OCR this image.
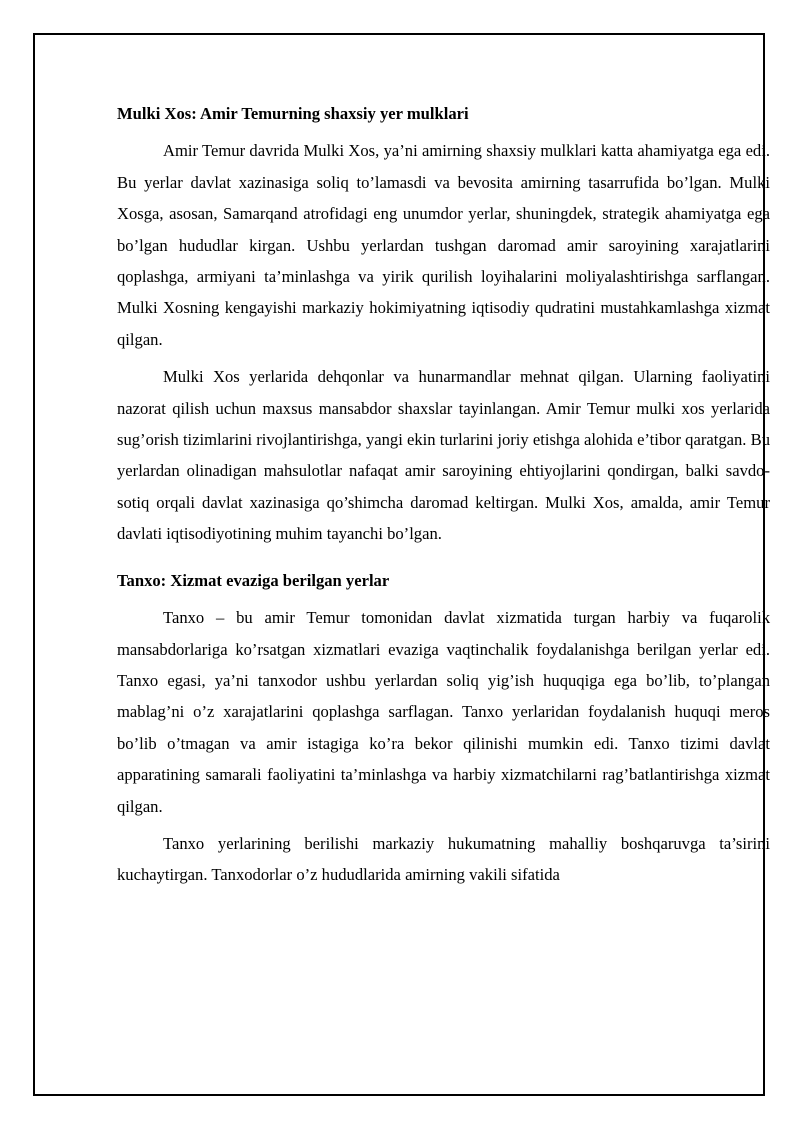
Mulki Xos: Amir Temurning shaxsiy yer mulklari

Amir Temur davrida Mulki Xos, ya’ni amirning shaxsiy mulklari katta ahamiyatga ega edi. Bu yerlar davlat xazinasiga soliq to’lamasdi va bevosita amirning tasarrufida bo’lgan. Mulki Xosga, asosan, Samarqand atrofidagi eng unumdor yerlar, shuningdek, strategik ahamiyatga ega bo’lgan hududlar kirgan. Ushbu yerlardan tushgan daromad amir saroyining xarajatlarini qoplashga, armiyani ta’minlashga va yirik qurilish loyihalarini moliyalashtirishga sarflangan. Mulki Xosning kengayishi markaziy hokimiyatning iqtisodiy qudratini mustahkamlashga xizmat qilgan.

Mulki Xos yerlarida dehqonlar va hunarmandlar mehnat qilgan. Ularning faoliyatini nazorat qilish uchun maxsus mansabdor shaxslar tayinlangan. Amir Temur mulki xos yerlarida sug’orish tizimlarini rivojlantirishga, yangi ekin turlarini joriy etishga alohida e’tibor qaratgan. Bu yerlardan olinadigan mahsulotlar nafaqat amir saroyining ehtiyojlarini qondirgan, balki savdo-sotiq orqali davlat xazinasiga qo’shimcha daromad keltirgan. Mulki Xos, amalda, amir Temur davlati iqtisodiyotining muhim tayanchi bo’lgan.

Tanxo: Xizmat evaziga berilgan yerlar

Tanxo – bu amir Temur tomonidan davlat xizmatida turgan harbiy va fuqarolik mansabdorlariga ko’rsatgan xizmatlari evaziga vaqtinchalik foydalanishga berilgan yerlar edi. Tanxo egasi, ya’ni tanxodor ushbu yerlardan soliq yig’ish huquqiga ega bo’lib, to’plangan mablag’ni o’z xarajatlarini qoplashga sarflagan. Tanxo yerlaridan foydalanish huquqi meros bo’lib o’tmagan va amir istagiga ko’ra bekor qilinishi mumkin edi. Tanxo tizimi davlat apparatining samarali faoliyatini ta’minlashga va harbiy xizmatchilarni rag’batlantirishga xizmat qilgan.

Tanxo yerlarining berilishi markaziy hukumatning mahalliy boshqaruvga ta’sirini kuchaytirgan. Tanxodorlar o’z hududlarida amirning vakili sifatida
